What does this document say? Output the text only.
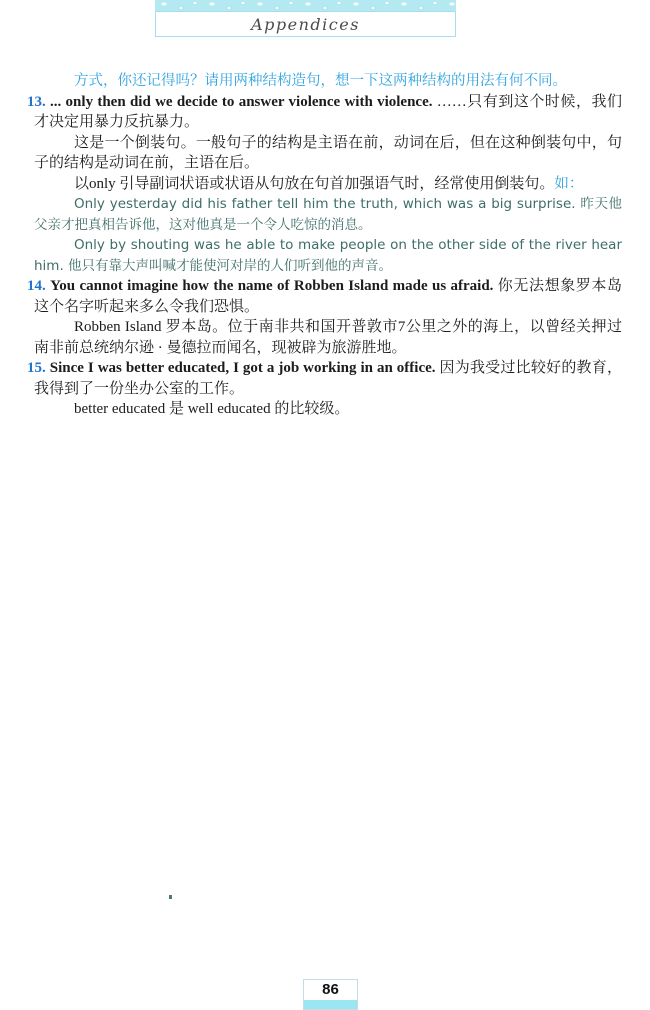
Appendices

方式，你还记得吗？请用两种结构造句，想一下这两种结构的用法有何不同。

13. ... only then did we decide to answer violence with violence. ……只有到这个时候，我们才决定用暴力反抗暴力。

这是一个倒装句。一般句子的结构是主语在前，动词在后，但在这种倒装句中，句子的结构是动词在前，主语在后。

以only 引导副词状语或状语从句放在句首加强语气时，经常使用倒装句。如：

Only yesterday did his father tell him the truth, which was a big surprise. 昨天他父亲才把真相告诉他，这对他真是一个令人吃惊的消息。

Only by shouting was he able to make people on the other side of the river hear him. 他只有靠大声叫喊才能使河对岸的人们听到他的声音。

14. You cannot imagine how the name of Robben Island made us afraid. 你无法想象罗本岛这个名字听起来多么令我们恐惧。

Robben Island 罗本岛。位于南非共和国开普敦市7公里之外的海上，以曾经关押过南非前总统纳尔逊 · 曼德拉而闻名，现被辟为旅游胜地。

15. Since I was better educated, I got a job working in an office. 因为我受过比较好的教育，我得到了一份坐办公室的工作。

better educated 是 well educated 的比较级。

86
